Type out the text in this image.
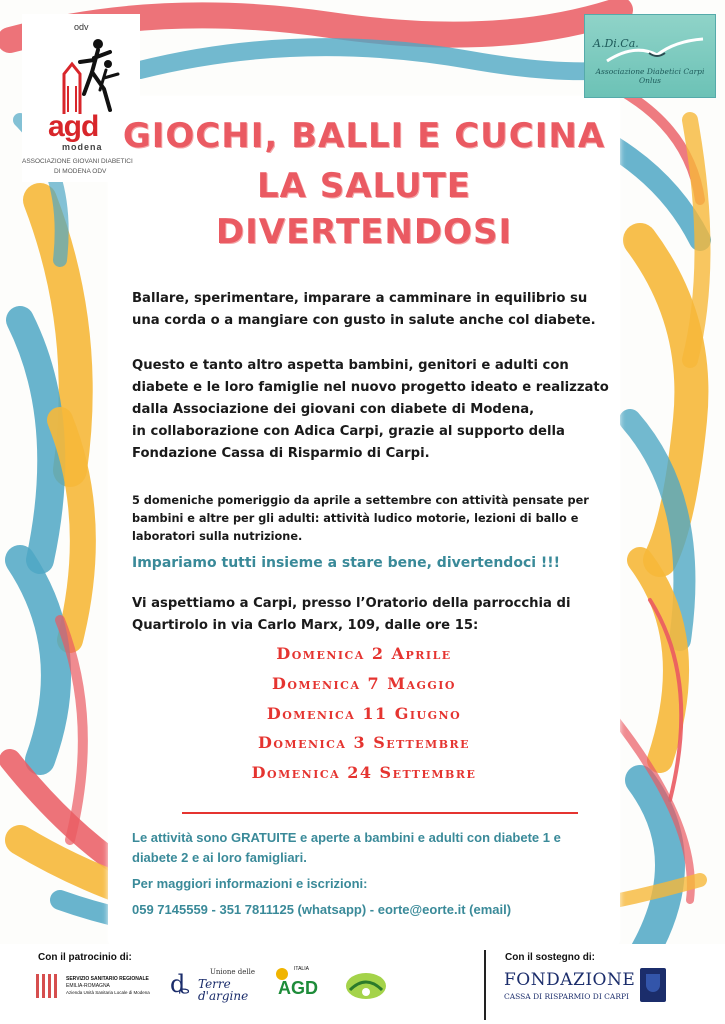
odv
agd
modena
ASSOCIAZIONE GIOVANI DIABETICI
DI MODENA ODV
A.Di.Ca.
Associazione Diabetici Carpi Onlus
GIOCHI, BALLI E CUCINA
LA SALUTE
DIVERTENDOSI
Ballare, sperimentare, imparare a camminare in equilibrio su
una corda o a mangiare con gusto in salute anche col diabete.
Questo e tanto altro aspetta bambini, genitori e adulti con
diabete e le loro famiglie nel nuovo progetto ideato e realizzato
dalla Associazione dei giovani con diabete di Modena,
in collaborazione con Adica Carpi, grazie al supporto della
Fondazione Cassa di Risparmio di Carpi.
5 domeniche pomeriggio da aprile a settembre con attività pensate per
bambini e altre per gli adulti: attività ludico motorie, lezioni di ballo e
laboratori sulla nutrizione.
Impariamo tutti insieme a stare bene, divertendoci !!!
Vi aspettiamo a Carpi, presso l’Oratorio della parrocchia di
Quartirolo in via Carlo Marx, 109, dalle ore 15:
Domenica 2 Aprile
Domenica 7 Maggio
Domenica 11 Giugno
Domenica 3 Settembre
Domenica 24 Settembre
Le attività sono GRATUITE e aperte a bambini e adulti con diabete 1 e
diabete 2 e ai loro famigliari.
Per maggiori informazioni e iscrizioni:
059 7145559 - 351 7811125 (whatsapp) - eorte@eorte.it (email)
Con il patrocinio di:	Con il sostegno di:
SERVIZIO SANITARIO REGIONALE
EMILIA-ROMAGNA
Azienda Unità Sanitaria Locale di Modena ȡ	Unione delle
Terre d'argine
ITALIA
AGD	FONDAZIONE
CASSA DI RISPARMIO DI CARPI
